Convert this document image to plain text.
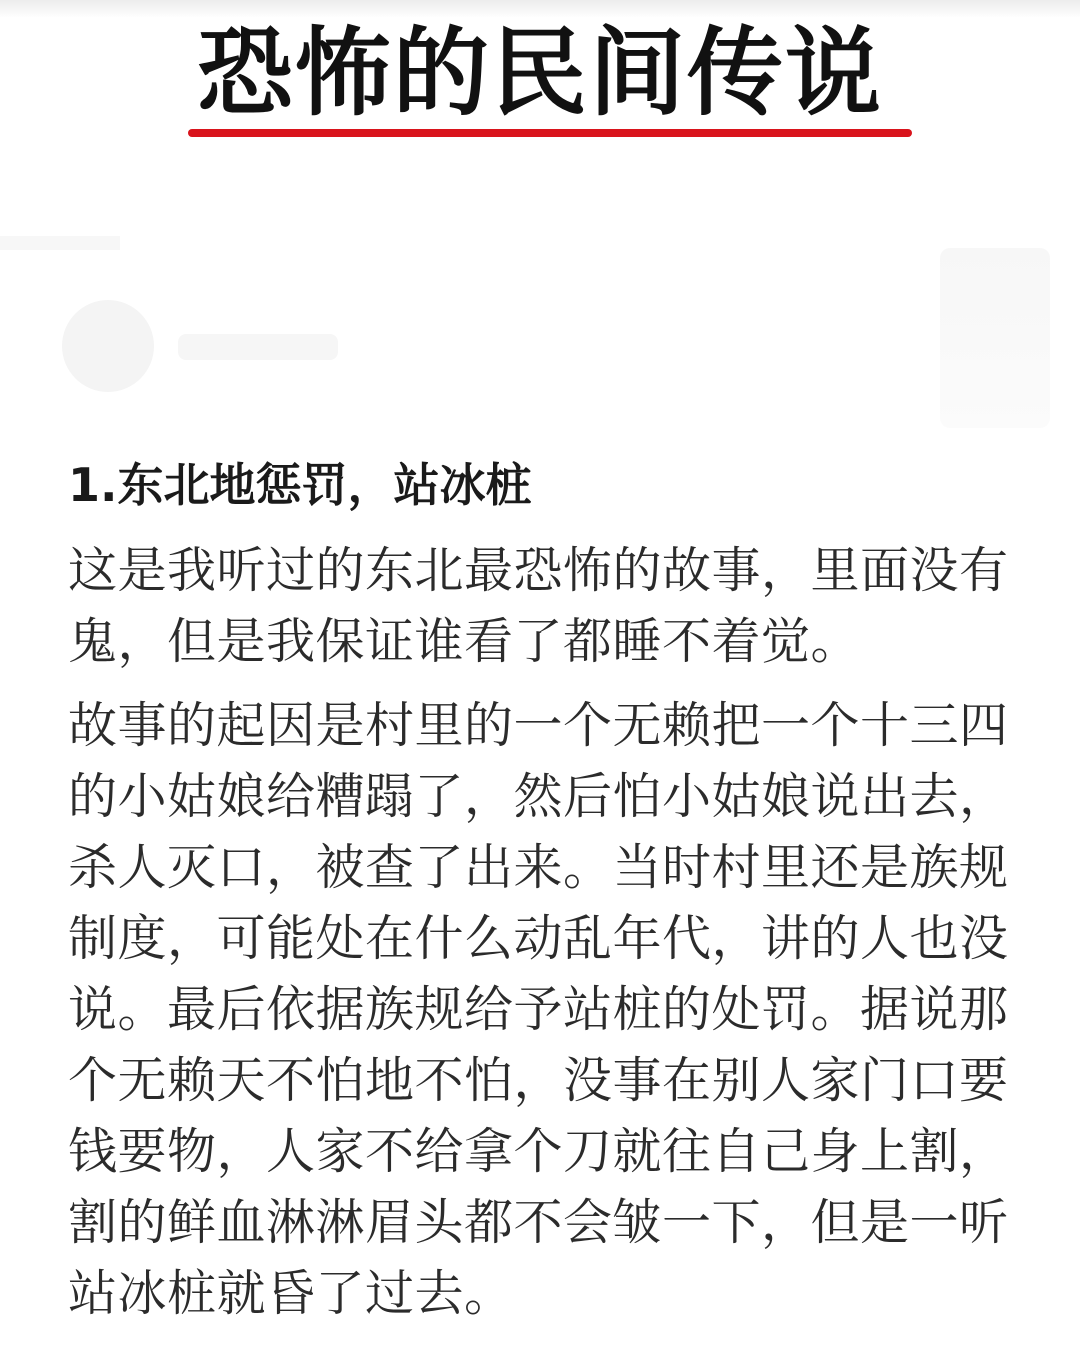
恐怖的民间传说
1.东北地惩罚，站冰桩
这是我听过的东北最恐怖的故事，里面没有鬼，但是我保证谁看了都睡不着觉。
故事的起因是村里的一个无赖把一个十三四的小姑娘给糟蹋了，然后怕小姑娘说出去，杀人灭口，被查了出来。当时村里还是族规制度，可能处在什么动乱年代，讲的人也没说。最后依据族规给予站桩的处罚。据说那个无赖天不怕地不怕，没事在别人家门口要钱要物，人家不给拿个刀就往自己身上割，割的鲜血淋淋眉头都不会皱一下，但是一听站冰桩就昏了过去。
